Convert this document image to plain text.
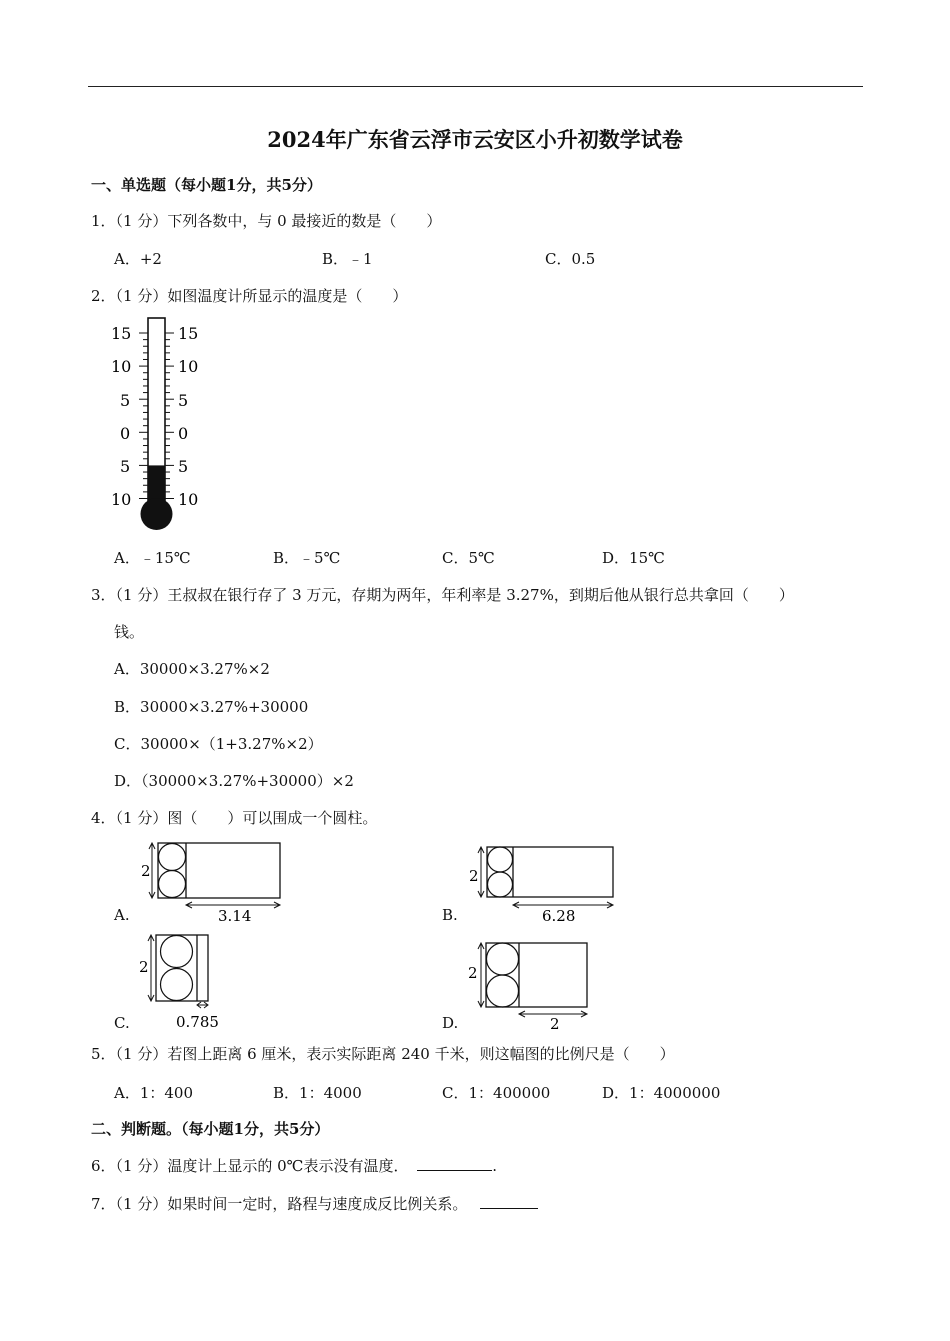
2024年广东省云浮市云安区小升初数学试卷
一、单选题（每小题1分，共5分）
1．（1 分）下列各数中，与 0 最接近的数是（　　）
A．+2	B．﹣1	C．0.5
2．（1 分）如图温度计所显示的温度是（　　）
15
10
5
0
5
10
15
10
5
0
5
10
A．﹣15℃	B．﹣5℃	C．5℃	D．15℃
3．（1 分）王叔叔在银行存了 3 万元，存期为两年，年利率是 3.27%，到期后他从银行总共拿回（　　）
钱。
A．30000×3.27%×2
B．30000×3.27%+30000
C．30000×（1+3.27%×2）
D．（30000×3.27%+30000）×2
4．（1 分）图（　　）可以围成一个圆柱。
2
3.14
A.
2
6.28
B.
2
0.785
C.
2
2
D.
5．（1 分）若图上距离 6 厘米，表示实际距离 240 千米，则这幅图的比例尺是（　　）
A．1：400	B．1：4000	C．1：400000	D．1：4000000
二、判断题。（每小题1分，共5分）
6．（1 分）温度计上显示的 0℃表示没有温度．	.
7．（1 分）如果时间一定时，路程与速度成反比例关系。
